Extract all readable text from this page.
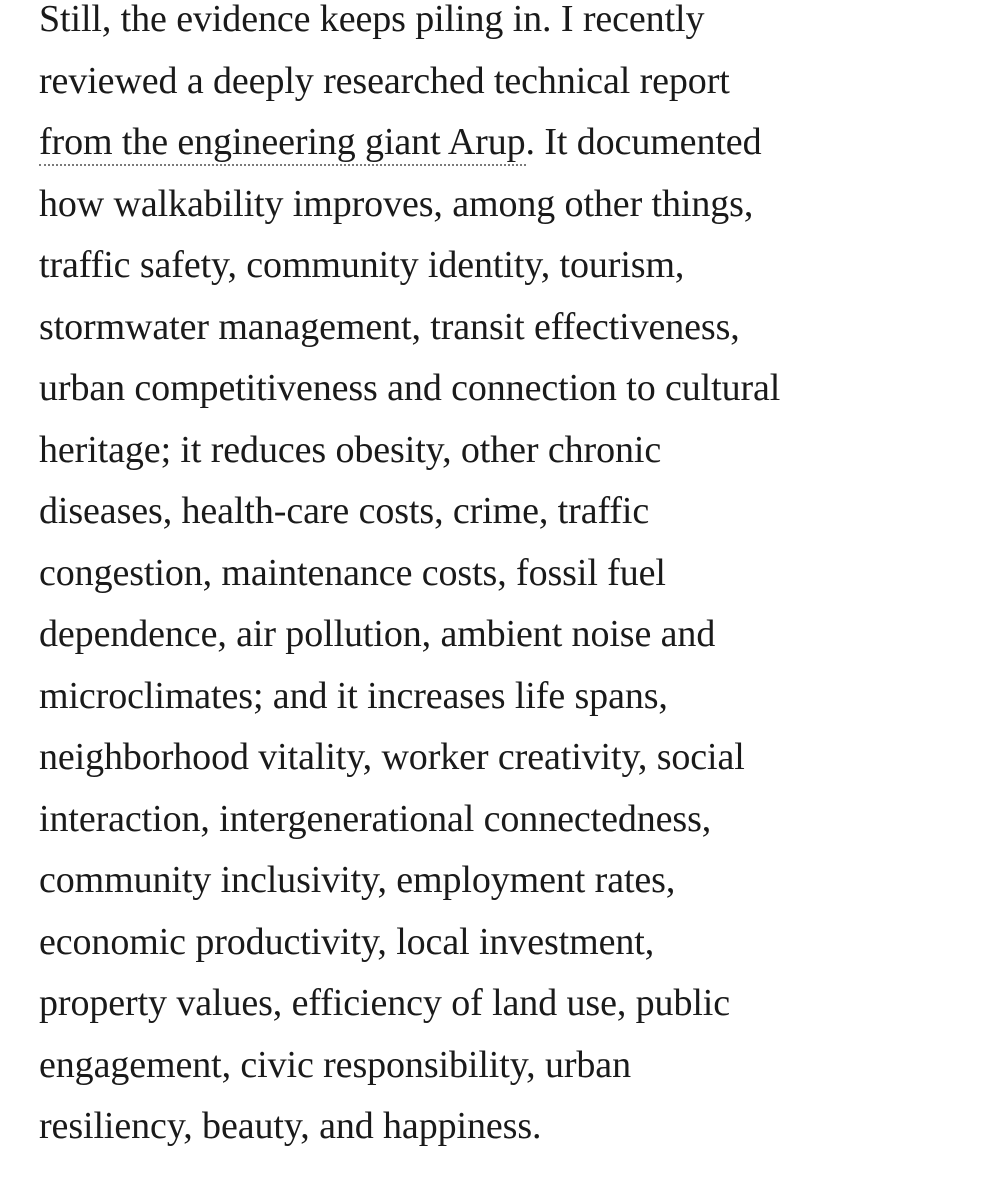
Still, the evidence keeps piling in. I recently
reviewed a deeply researched technical report
from the engineering giant Arup. It documented
how walkability improves, among other things,
traffic safety, community identity, tourism,
stormwater management, transit effectiveness,
urban competitiveness and connection to cultural
heritage; it reduces obesity, other chronic
diseases, health-care costs, crime, traffic
congestion, maintenance costs, fossil fuel
dependence, air pollution, ambient noise and
microclimates; and it increases life spans,
neighborhood vitality, worker creativity, social
interaction, intergenerational connectedness,
community inclusivity, employment rates,
economic productivity, local investment,
property values, efficiency of land use, public
engagement, civic responsibility, urban
resiliency, beauty, and happiness.
